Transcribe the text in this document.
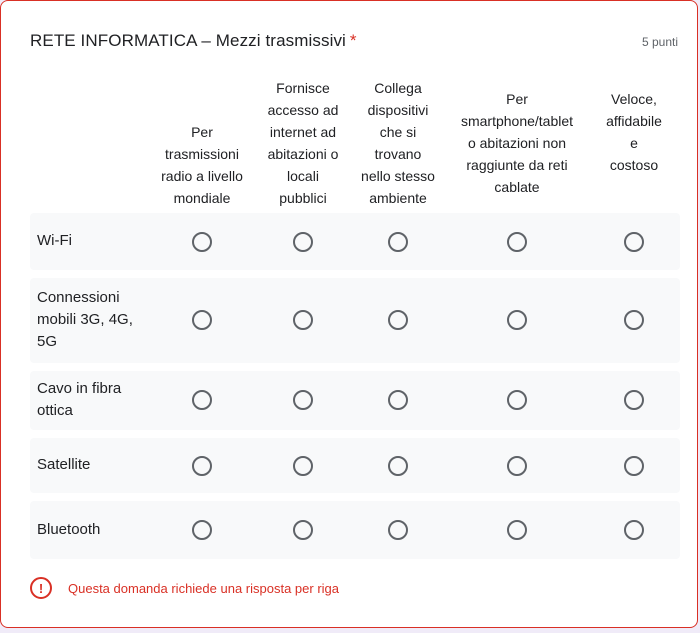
RETE INFORMATICA – Mezzi trasmissivi *	5 punti
Per
trasmissioni
radio a livello
mondiale
Fornisce
accesso ad
internet ad
abitazioni o
locali
pubblici
Collega
dispositivi
che si
trovano
nello stesso
ambiente
Per
smartphone/tablet
o abitazioni non
raggiunte da reti
cablate
Veloce,
affidabile e
costoso
Wi-Fi
Connessioni
mobili 3G, 4G,
5G
Cavo in fibra
ottica
Satellite
Bluetooth
!	Questa domanda richiede una risposta per riga
